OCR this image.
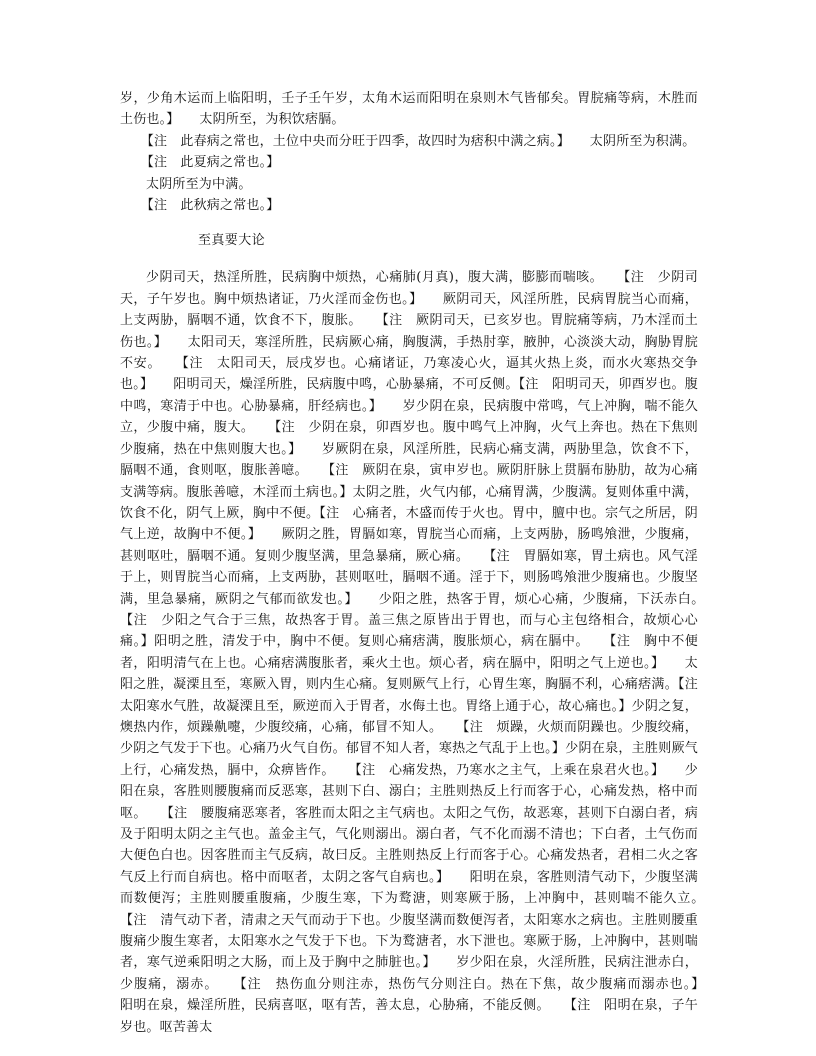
岁，少角木运而上临阳明，壬子壬午岁，太角木运而阳明在泉则木气皆郁矣。胃脘痛等病，木胜而土伤也。】　　太阴所至，为积饮痞膈。

【注　此春病之常也，土位中央而分旺于四季，故四时为痞积中满之病。】　　太阴所至为积满。

【注　此夏病之常也。】

太阴所至为中满。

【注　此秋病之常也。】

至真要大论

少阴司天，热淫所胜，民病胸中烦热，心痛肺(月真)，腹大满，膨膨而喘咳。　　【注　少阴司天，子午岁也。胸中烦热诸证，乃火淫而金伤也。】　　厥阴司天，风淫所胜，民病胃脘当心而痛，上支两胁，膈咽不通，饮食不下，腹胀。　　【注　厥阴司天，已亥岁也。胃脘痛等病，乃木淫而土伤也。】　　太阳司天，寒淫所胜，民病厥心痛，胸腹满，手热肘挛，腋肿，心淡淡大动，胸胁胃脘不安。　　【注　太阳司天，辰戌岁也。心痛诸证，乃寒凌心火，逼其火热上炎，而水火寒热交争也。】　　阳明司天，燥淫所胜，民病腹中鸣，心胁暴痛，不可反侧。【注　阳明司天，卯酉岁也。腹中鸣，寒清于中也。心胁暴痛，肝经病也。】　　岁少阴在泉，民病腹中常鸣，气上冲胸，喘不能久立，少腹中痛，腹大。　　【注　少阴在泉，卯酉岁也。腹中鸣气上冲胸，火气上奔也。热在下焦则少腹痛，热在中焦则腹大也。】　　岁厥阴在泉，风淫所胜，民病心痛支满，两胁里急，饮食不下，膈咽不通，食则呕，腹胀善噫。　　【注　厥阴在泉，寅申岁也。厥阴肝脉上贯膈布胁肋，故为心痛支满等病。腹胀善噫，木淫而土病也。】太阴之胜，火气内郁，心痛胃满，少腹满。复则体重中满，饮食不化，阴气上厥，胸中不便。【注　心痛者，木盛而传于火也。胃中，膻中也。宗气之所居，阴气上逆，故胸中不便。】　　厥阴之胜，胃膈如寒，胃脘当心而痛，上支两胁，肠鸣飧泄，少腹痛，甚则呕吐，膈咽不通。复则少腹坚满，里急暴痛，厥心痛。　　【注　胃膈如寒，胃土病也。风气淫于上，则胃脘当心而痛，上支两胁，甚则呕吐，膈咽不通。淫于下，则肠鸣飧泄少腹痛也。少腹坚满，里急暴痛，厥阴之气郁而欲发也。】　　少阳之胜，热客于胃，烦心心痛，少腹痛，下沃赤白。　　【注　少阳之气合于三焦，故热客于胃。盖三焦之原皆出于胃也，而与心主包络相合，故烦心心痛。】阳明之胜，清发于中，胸中不便。复则心痛痞满，腹胀烦心，病在膈中。　　【注　胸中不便者，阳明清气在上也。心痛痞满腹胀者，乘火土也。烦心者，病在膈中，阳明之气上逆也。】　　太阳之胜，凝溧且至，寒厥入胃，则内生心痛。复则厥气上行，心胃生寒，胸膈不利，心痛痞满。【注　太阳寒水气胜，故凝溧且至，厥逆而入于胃者，水侮土也。胃络上通于心，故心痛也。】少阴之复，燠热内作，烦躁鼽嚏，少腹绞痛，心痛，郁冒不知人。　　【注　烦躁，火烦而阴躁也。少腹绞痛，少阴之气发于下也。心痛乃火气自伤。郁冒不知人者，寒热之气乱于上也。】少阴在泉，主胜则厥气上行，心痛发热，膈中，众痹皆作。　　【注　心痛发热，乃寒水之主气，上乘在泉君火也。】　　少阳在泉，客胜则腰腹痛而反恶寒，甚则下白、溺白；主胜则热反上行而客于心，心痛发热，格中而呕。　　【注　腰腹痛恶寒者，客胜而太阳之主气病也。太阳之气伤，故恶寒，甚则下白溺白者，病及于阳明太阴之主气也。盖金主气，气化则溺出。溺白者，气不化而溺不清也；下白者，土气伤而大便色白也。因客胜而主气反病，故曰反。主胜则热反上行而客于心。心痛发热者，君相二火之客气反上行而自病也。格中而呕者，太阴之客气自病也。】　　阳明在泉，客胜则清气动下，少腹坚满而数便泻；主胜则腰重腹痛，少腹生寒，下为鹜溏，则寒厥于肠，上冲胸中，甚则喘不能久立。　　【注　清气动下者，清肃之天气而动于下也。少腹坚满而数便泻者，太阳寒水之病也。主胜则腰重腹痛少腹生寒者，太阳寒水之气发于下也。下为鹜溏者，水下泄也。寒厥于肠，上冲胸中，甚则喘者，寒气逆乘阳明之大肠，而上及于胸中之肺脏也。】　　岁少阳在泉，火淫所胜，民病注泄赤白，少腹痛，溺赤。　　【注　热伤血分则注赤，热伤气分则注白。热在下焦，故少腹痛而溺赤也。】　　阳明在泉，燥淫所胜，民病喜呕，呕有苦，善太息，心胁痛，不能反侧。　　【注　阳明在泉，子午岁也。呕苦善太
